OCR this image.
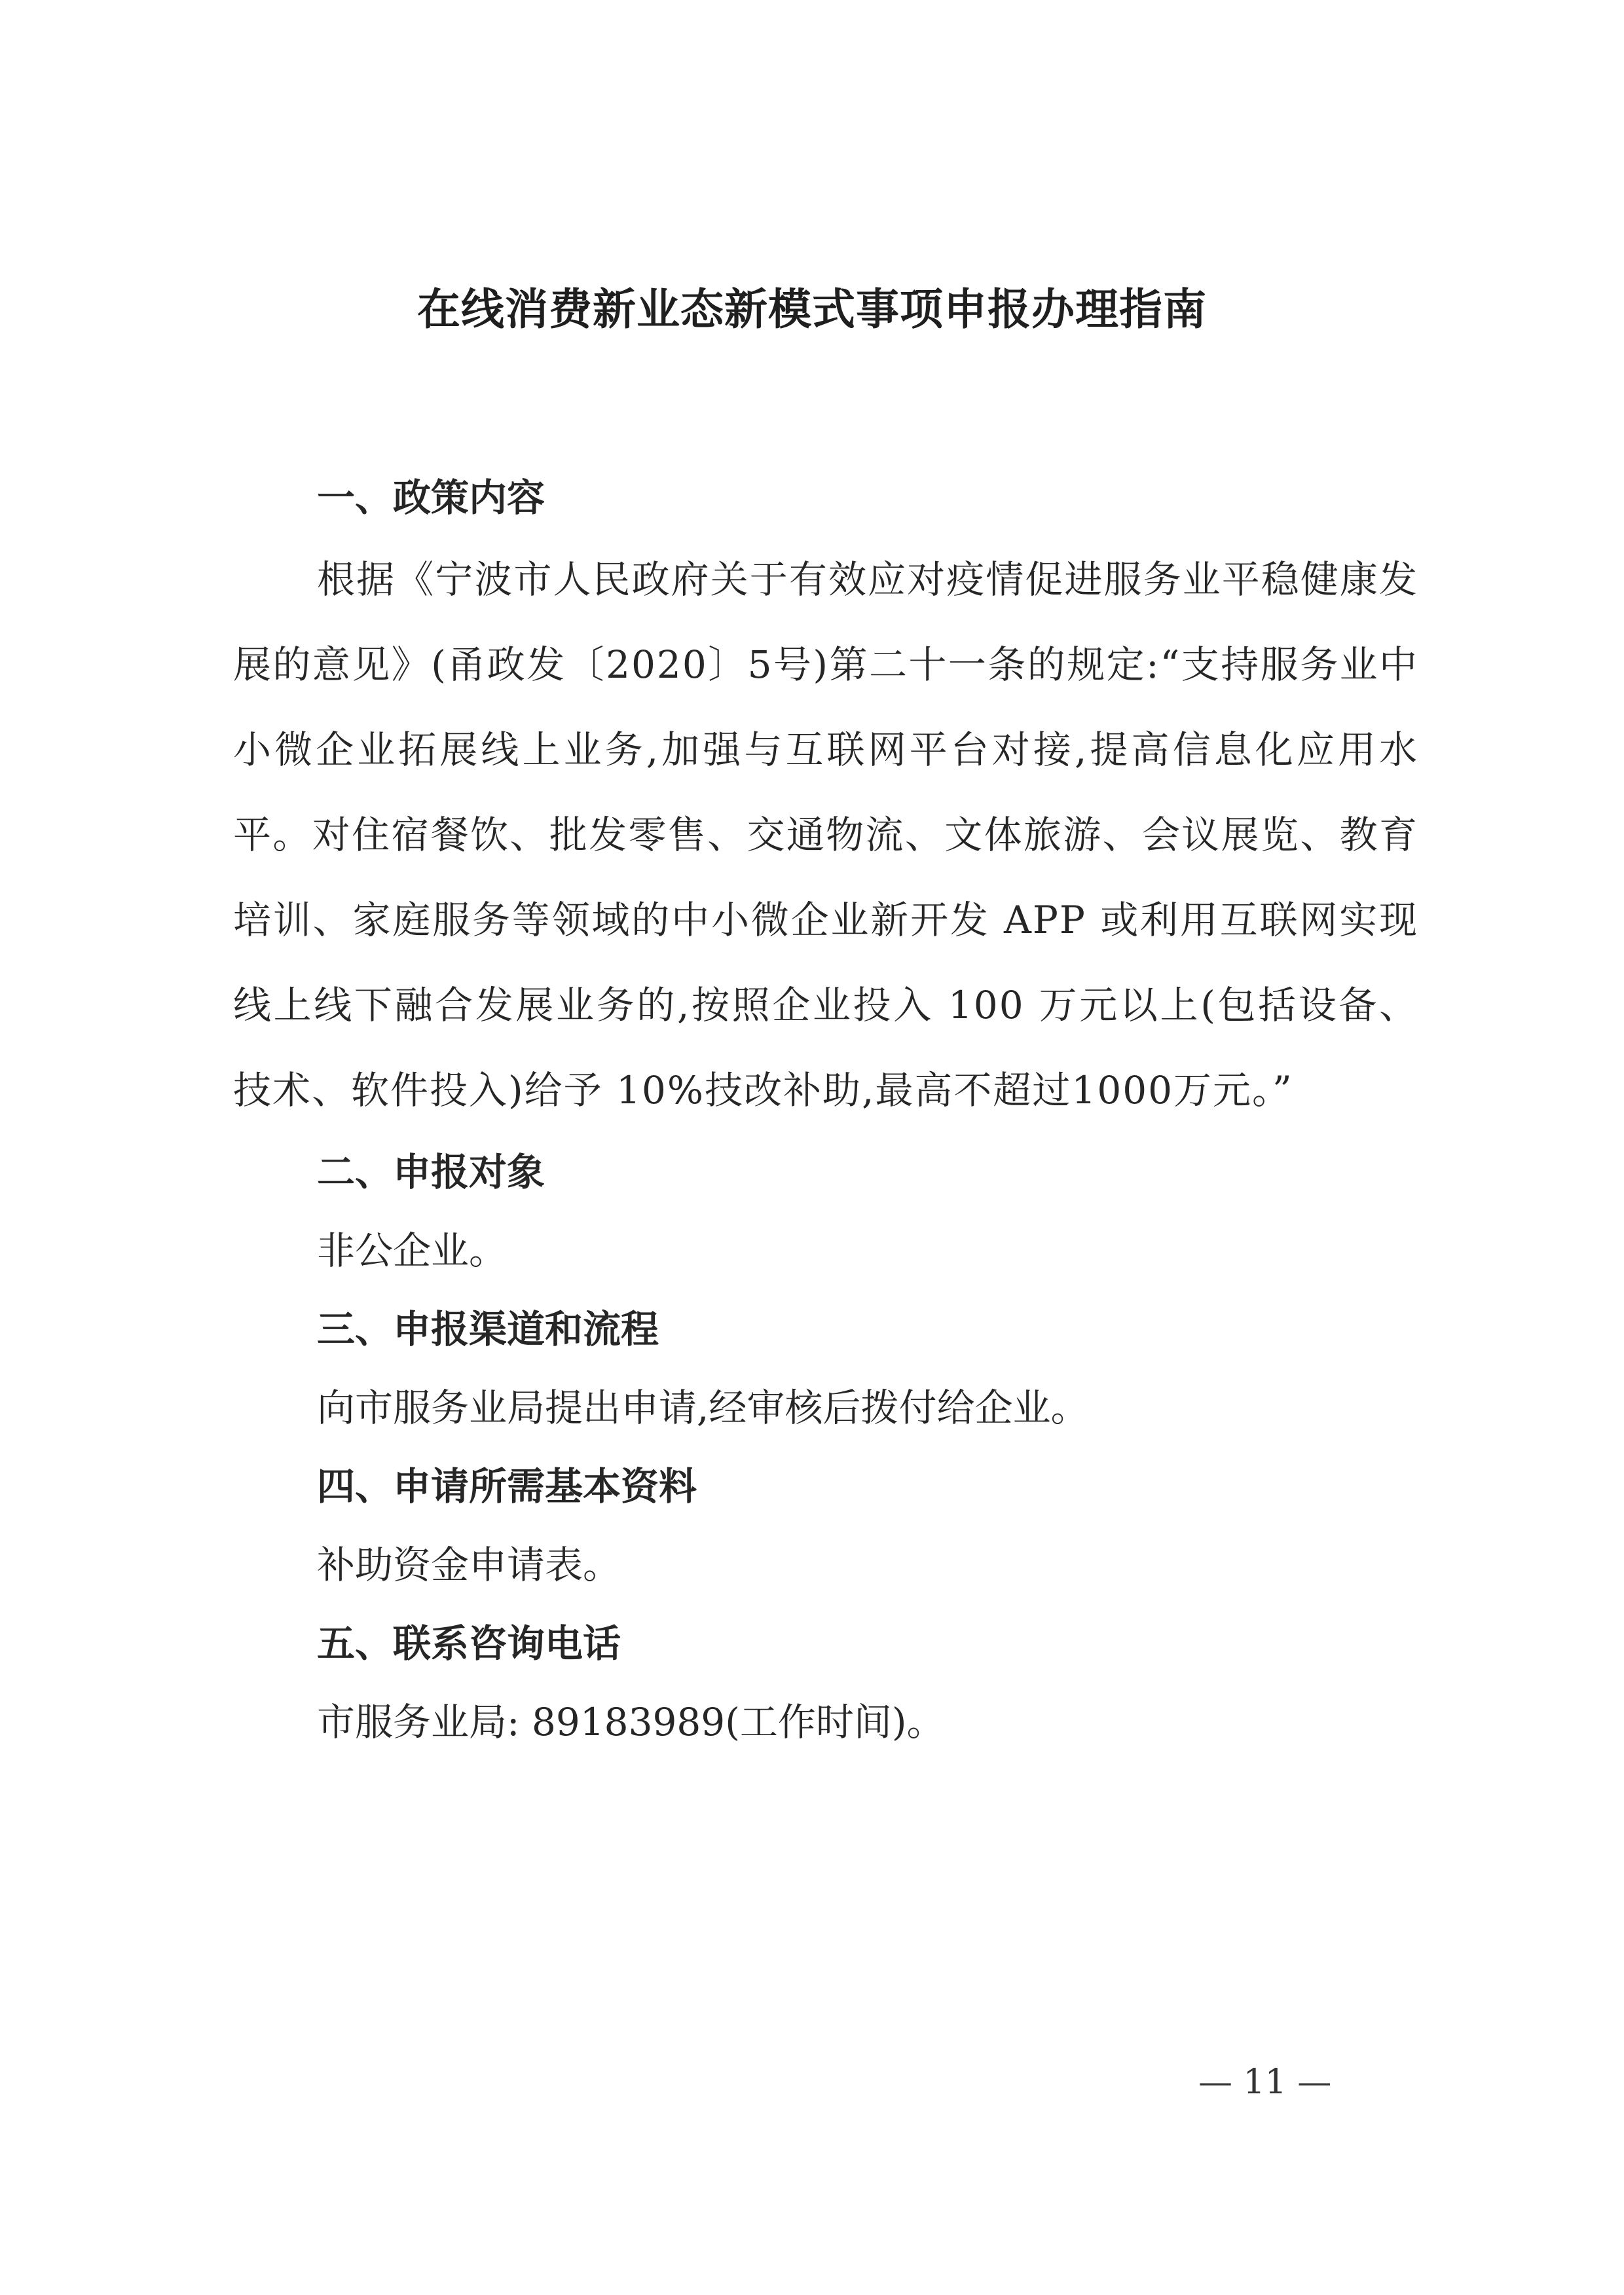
在线消费新业态新模式事项申报办理指南
一、政策内容

根据《宁波市人民政府关于有效应对疫情促进服务业平稳健康发展的意见》(甬政发〔2020〕5号)第二十一条的规定:“支持服务业中小微企业拓展线上业务,加强与互联网平台对接,提高信息化应用水平。对住宿餐饮、批发零售、交通物流、文体旅游、会议展览、教育培训、家庭服务等领域的中小微企业新开发 APP 或利用互联网实现线上线下融合发展业务的,按照企业投入 100 万元以上(包括设备、技术、软件投入)给予 10%技改补助,最高不超过1000万元。”

二、申报对象

非公企业。

三、申报渠道和流程

向市服务业局提出申请,经审核后拨付给企业。

四、申请所需基本资料

补助资金申请表。

五、联系咨询电话

市服务业局: 89183989(工作时间)。

— 11 —
